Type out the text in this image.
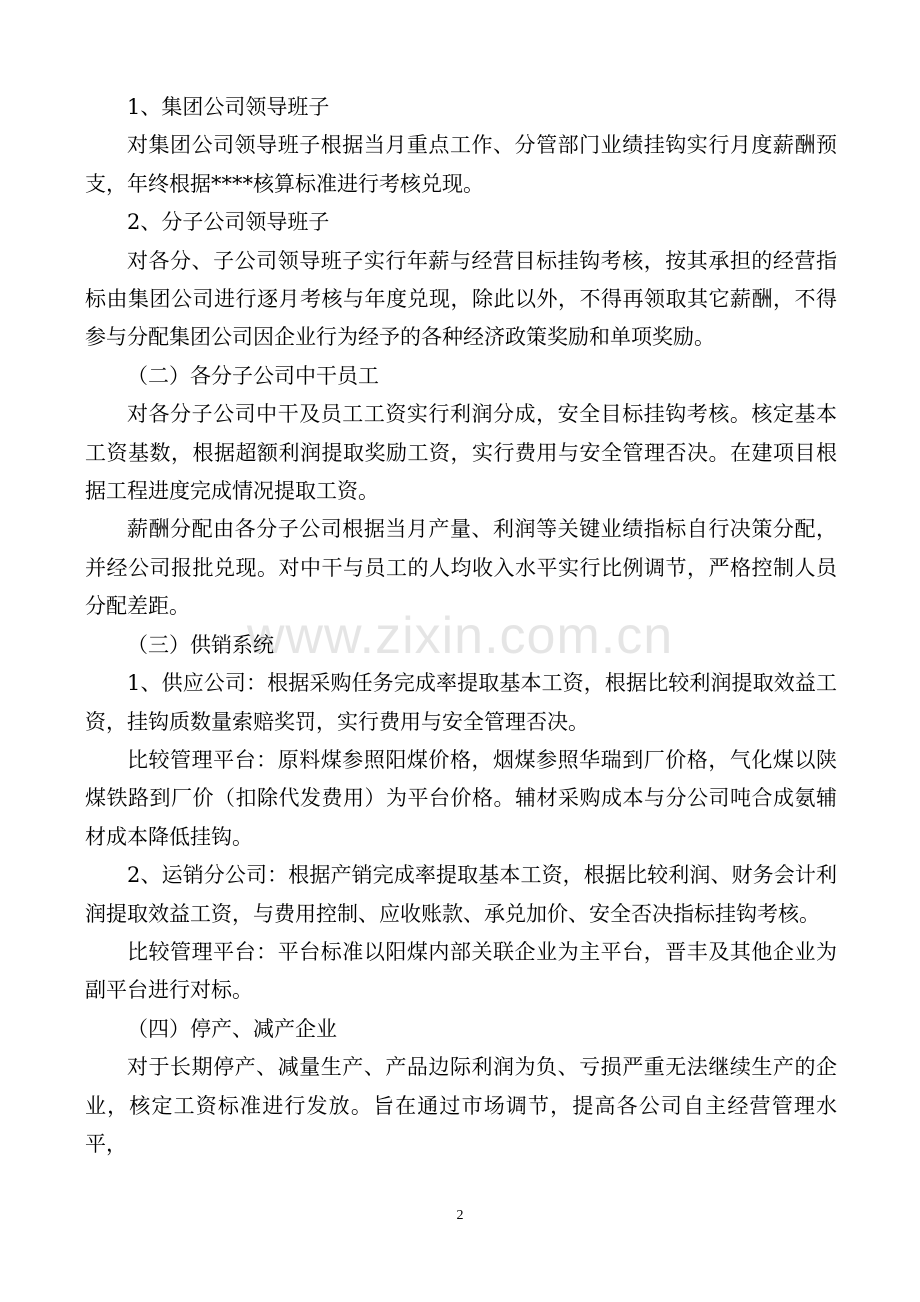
1、集团公司领导班子

对集团公司领导班子根据当月重点工作、分管部门业绩挂钩实行月度薪酬预支，年终根据****核算标准进行考核兑现。

2、分子公司领导班子

对各分、子公司领导班子实行年薪与经营目标挂钩考核，按其承担的经营指标由集团公司进行逐月考核与年度兑现，除此以外，不得再领取其它薪酬，不得参与分配集团公司因企业行为经予的各种经济政策奖励和单项奖励。

（二）各分子公司中干员工

对各分子公司中干及员工工资实行利润分成，安全目标挂钩考核。核定基本工资基数，根据超额利润提取奖励工资，实行费用与安全管理否决。在建项目根据工程进度完成情况提取工资。

薪酬分配由各分子公司根据当月产量、利润等关键业绩指标自行决策分配，并经公司报批兑现。对中干与员工的人均收入水平实行比例调节，严格控制人员分配差距。

（三）供销系统

1、供应公司：根据采购任务完成率提取基本工资，根据比较利润提取效益工资，挂钩质数量索赔奖罚，实行费用与安全管理否决。

比较管理平台：原料煤参照阳煤价格，烟煤参照华瑞到厂价格，气化煤以陕煤铁路到厂价（扣除代发费用）为平台价格。辅材采购成本与分公司吨合成氨辅材成本降低挂钩。

2、运销分公司：根据产销完成率提取基本工资，根据比较利润、财务会计利润提取效益工资，与费用控制、应收账款、承兑加价、安全否决指标挂钩考核。

比较管理平台：平台标准以阳煤内部关联企业为主平台，晋丰及其他企业为副平台进行对标。

（四）停产、减产企业

对于长期停产、减量生产、产品边际利润为负、亏损严重无法继续生产的企业，核定工资标准进行发放。旨在通过市场调节，提高各公司自主经营管理水平，

www.zixin.com.cn
2
